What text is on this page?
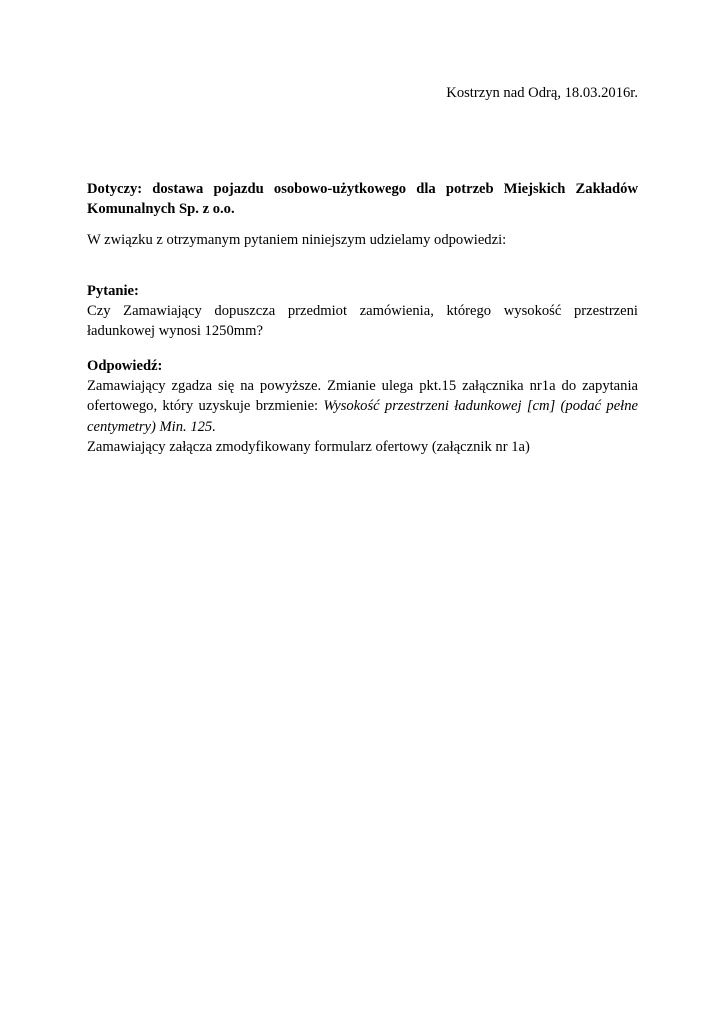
Kostrzyn nad Odrą, 18.03.2016r.
Dotyczy: dostawa pojazdu osobowo-użytkowego dla potrzeb Miejskich Zakładów Komunalnych Sp. z o.o.
W związku z otrzymanym pytaniem niniejszym udzielamy odpowiedzi:
Pytanie:

Czy Zamawiający dopuszcza przedmiot zamówienia, którego wysokość przestrzeni ładunkowej wynosi 1250mm?

Odpowiedź:

Zamawiający zgadza się na powyższe. Zmianie ulega pkt.15 załącznika nr1a do zapytania ofertowego, który uzyskuje brzmienie: Wysokość przestrzeni ładunkowej [cm] (podać pełne centymetry) Min. 125.

Zamawiający załącza zmodyfikowany formularz ofertowy (załącznik nr 1a)
